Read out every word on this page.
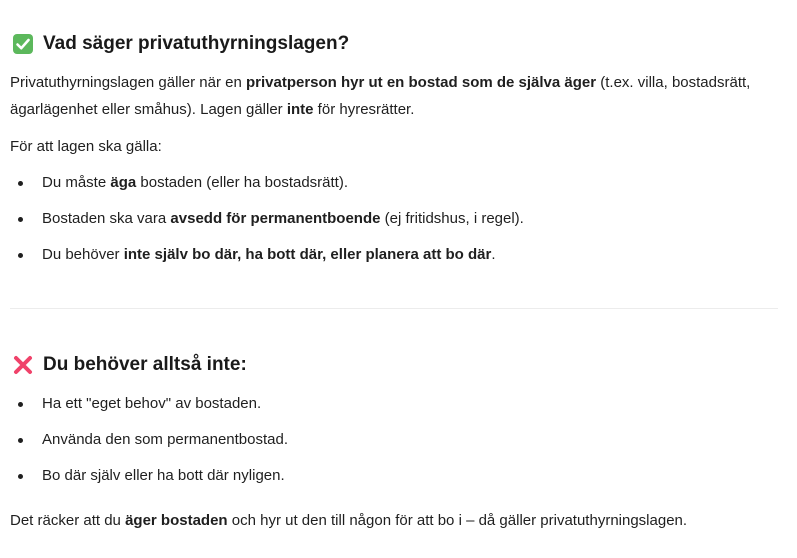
Vad säger privatuthyrningslagen?
Privatuthyrningslagen gäller när en privatperson hyr ut en bostad som de själva äger (t.ex. villa, bostadsrätt,
ägarlägenhet eller småhus). Lagen gäller inte för hyresrätter.
För att lagen ska gälla:
Du måste äga bostaden (eller ha bostadsrätt).
Bostaden ska vara avsedd för permanentboende (ej fritidshus, i regel).
Du behöver inte själv bo där, ha bott där, eller planera att bo där.
Du behöver alltså inte:
Ha ett "eget behov" av bostaden.
Använda den som permanentbostad.
Bo där själv eller ha bott där nyligen.
Det räcker att du äger bostaden och hyr ut den till någon för att bo i – då gäller privatuthyrningslagen.
